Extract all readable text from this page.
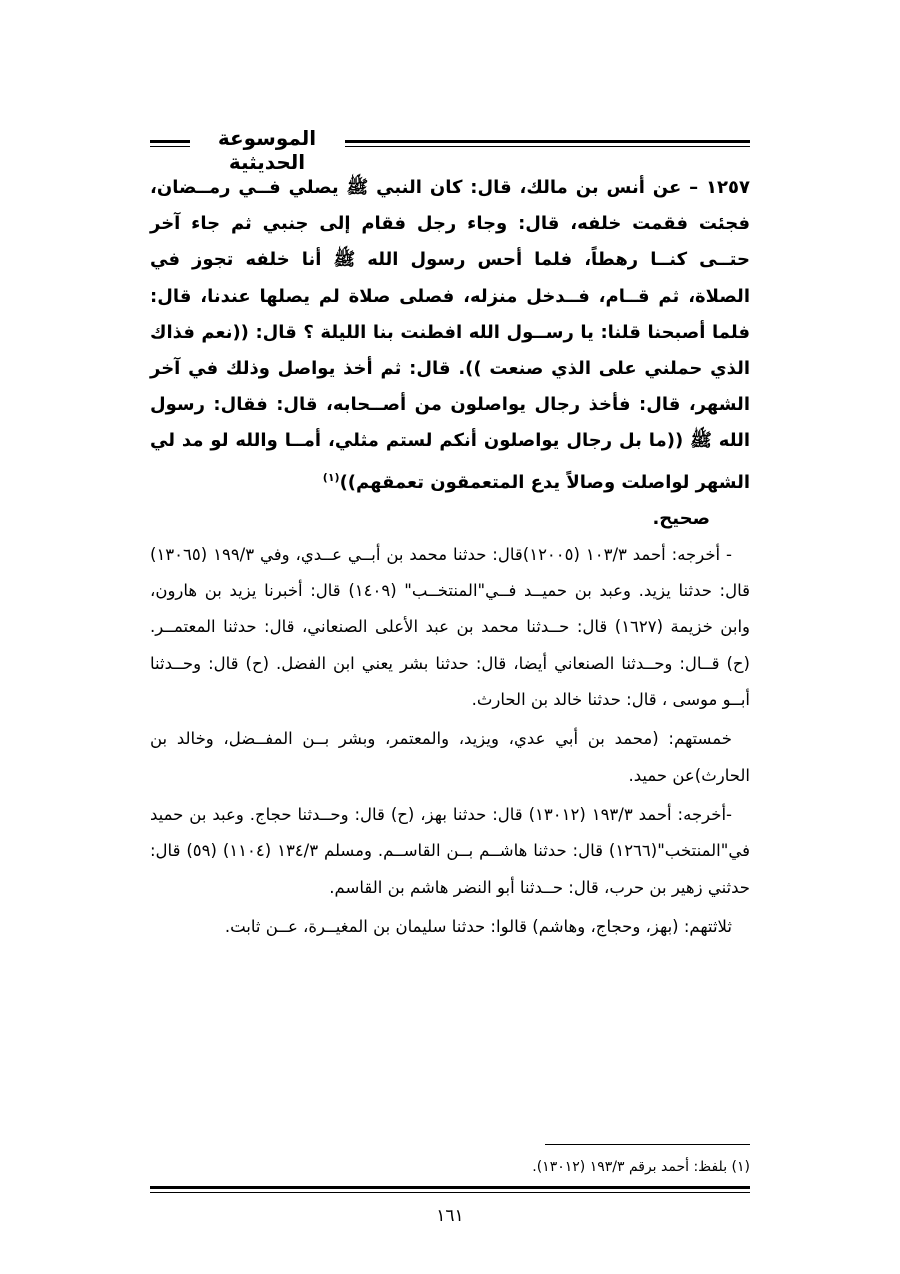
الموسوعة الحديثية

١٢٥٧ – عن أنس بن مالك، قال: كان النبي ﷺ يصلي فــي رمــضان، فجئت فقمت خلفه، قال: وجاء رجل فقام إلى جنبي ثم جاء آخر حتــى كنــا رهطاً، فلما أحس رسول الله ﷺ أنا خلفه تجوز في الصلاة، ثم قــام، فــدخل منزله، فصلى صلاة لم يصلها عندنا، قال: فلما أصبحنا قلنا: يا رســول الله افطنت بنا الليلة ؟ قال: ((نعم فذاك الذي حملني على الذي صنعت )). قال: ثم أخذ يواصل وذلك في آخر الشهر، قال: فأخذ رجال يواصلون من أصــحابه، قال: فقال: رسول الله ﷺ ((ما بل رجال يواصلون أنكم لستم مثلي، أمــا والله لو مد لي الشهر لواصلت وصالاً يدع المتعمقون تعمقهم))$^{(١)}$

صحيح.

- أخرجه: أحمد ١٠٣/٣ (١٢٠٠٥)قال: حدثنا محمد بن أبــي عــدي، وفي ١٩٩/٣ (١٣٠٦٥) قال: حدثنا يزيد. وعبد بن حميــد فــي"المنتخــب" (١٤٠٩) قال: أخبرنا يزيد بن هارون، وابن خزيمة (١٦٢٧) قال: حــدثنا محمد بن عبد الأعلى الصنعاني، قال: حدثنا المعتمــر. (ح) قــال: وحــدثنا الصنعاني أيضا، قال: حدثنا بشر يعني ابن الفضل. (ح) قال: وحــدثنا أبــو موسى ، قال: حدثنا خالد بن الحارث.

خمستهم: (محمد بن أبي عدي، ويزيد، والمعتمر، وبشر بــن المفــضل، وخالد بن الحارث)عن حميد.

-أخرجه: أحمد ١٩٣/٣ (١٣٠١٢) قال: حدثنا بهز، (ح) قال: وحــدثنا حجاج. وعبد بن حميد في"المنتخب"(١٢٦٦) قال: حدثنا هاشــم بــن القاســم. ومسلم ١٣٤/٣ (١١٠٤) (٥٩) قال: حدثني زهير بن حرب، قال: حــدثنا أبو النضر هاشم بن القاسم.

ثلاثتهم: (بهز، وحجاج، وهاشم) قالوا: حدثنا سليمان بن المغيــرة، عــن ثابت.

(١) بلفظ: أحمد برقم ١٩٣/٣ (١٣٠١٢).
١٦١
